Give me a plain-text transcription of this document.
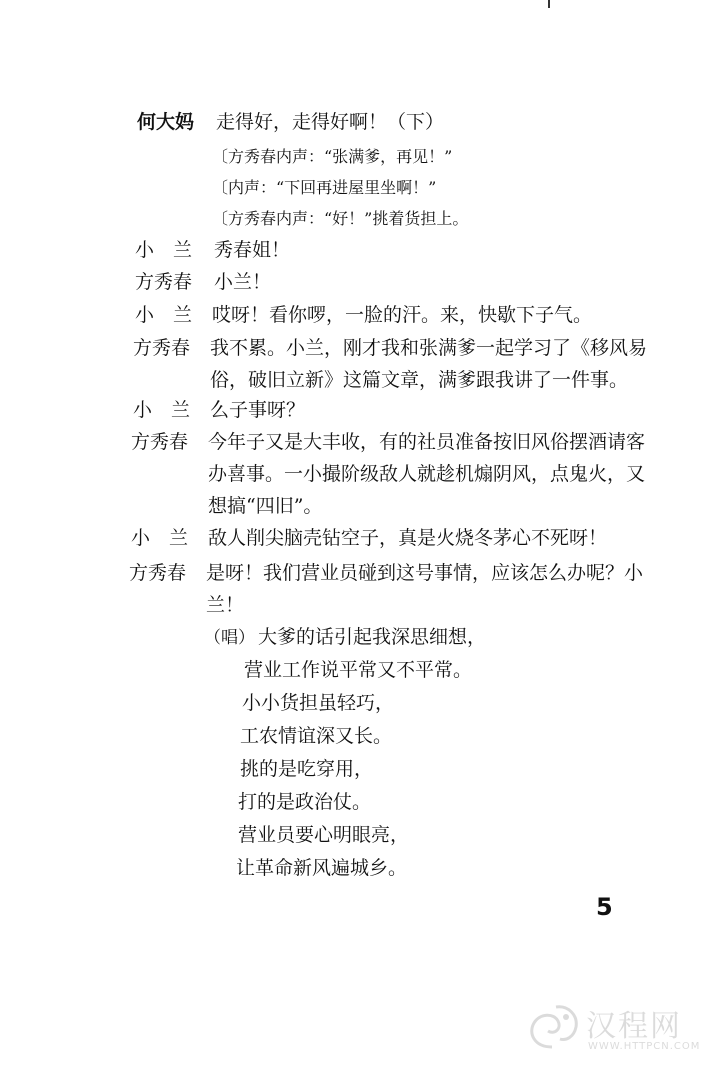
何大妈 走得好，走得好啊！（下）
〔方秀春内声：“张满爹，再见！”
〔内声：“下回再进屋里坐啊！”
〔方秀春内声：“好！”挑着货担上。
小　兰 秀春姐！
方秀春 小兰！
小　兰 哎呀！看你啰，一脸的汗。来，快歇下子气。
方秀春 我不累。小兰，刚才我和张满爹一起学习了《移风易
俗，破旧立新》这篇文章，满爹跟我讲了一件事。
小　兰 么子事呀？
方秀春 今年子又是大丰收，有的社员准备按旧风俗摆酒请客
办喜事。一小撮阶级敌人就趁机煽阴风，点鬼火，又
想搞“四旧”。
小　兰 敌人削尖脑壳钻空子，真是火烧冬茅心不死呀！
方秀春 是呀！我们营业员碰到这号事情，应该怎么办呢？小
兰！
（唱） 大爹的话引起我深思细想，
营业工作说平常又不平常。
小小货担虽轻巧，
工农情谊深又长。
挑的是吃穿用，
打的是政治仗。
营业员要心明眼亮，
让革命新风遍城乡。
5
汉程网
WWW.HTTPCN.COM
